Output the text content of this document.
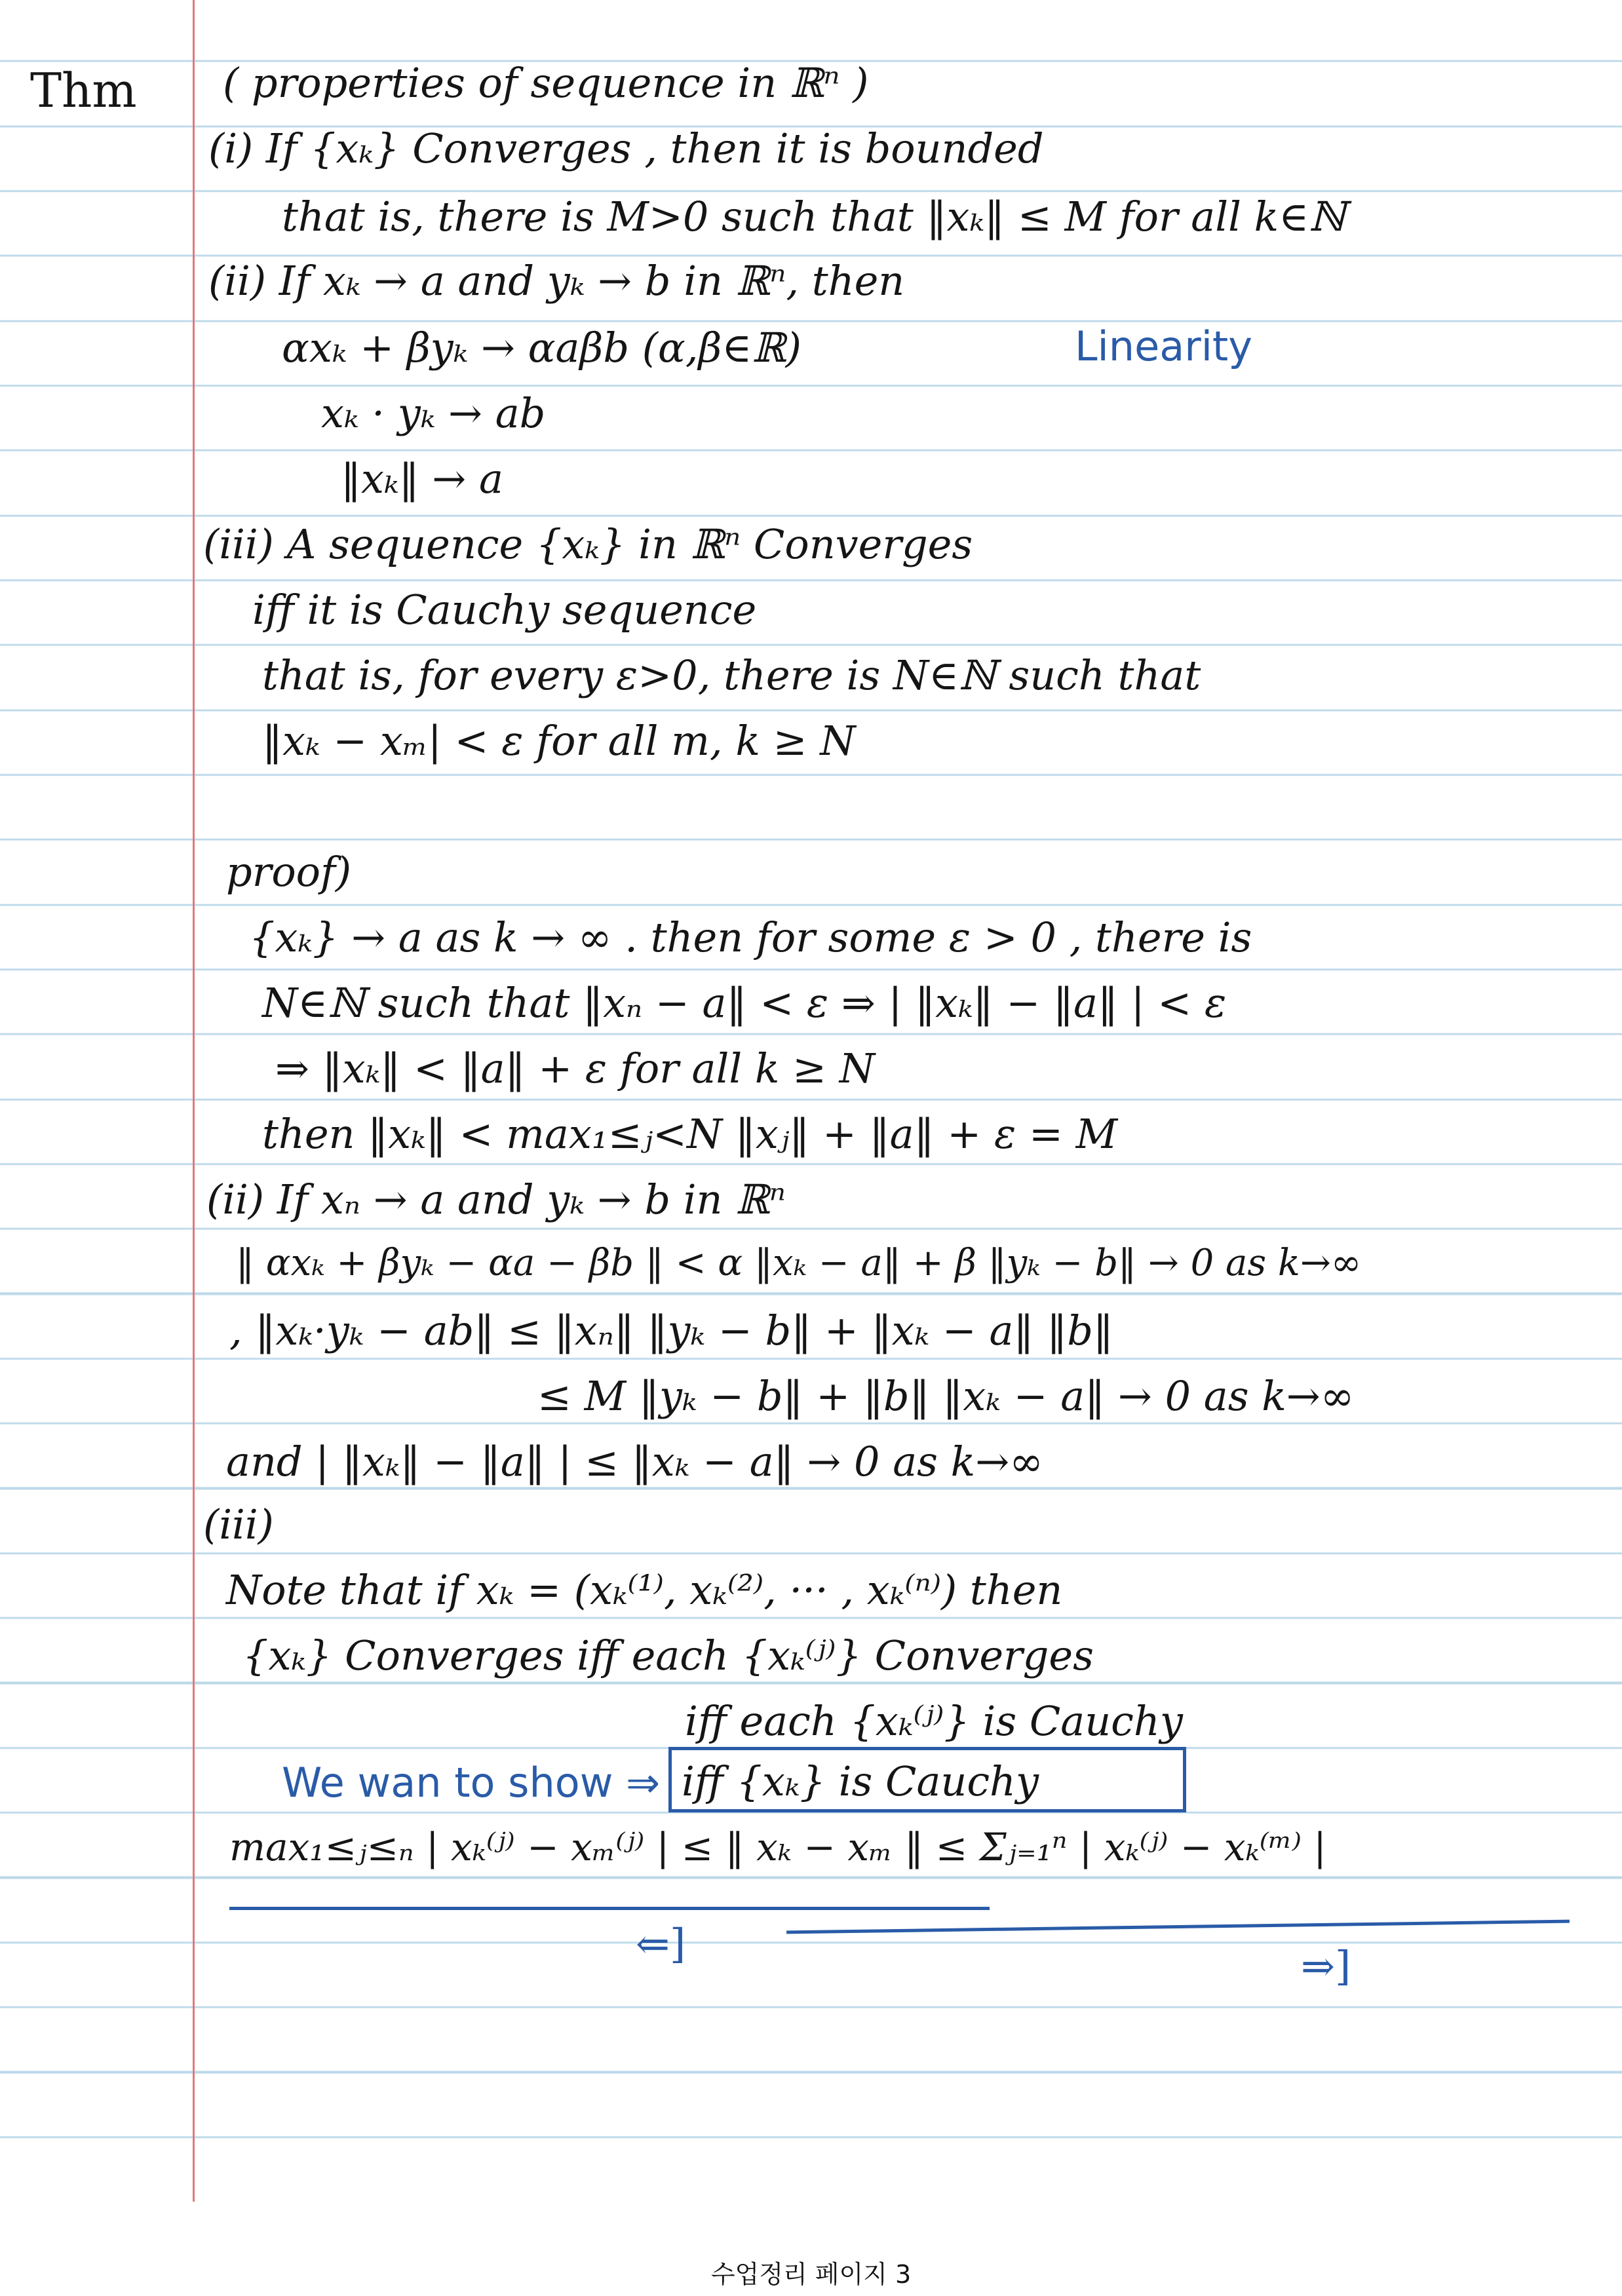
Thm ( properties of sequence in ℝⁿ )
(i) If {xₖ} Converges , then it is bounded
that is, there is M>0 such that ‖xₖ‖ ≤ M for all k∈ℕ
(ii) If xₖ → a and yₖ → b in ℝⁿ, then
αxₖ + βyₖ → αaβb (α,β∈ℝ)	Linearity
xₖ · yₖ → ab
‖xₖ‖ → a
(iii) A sequence {xₖ} in ℝⁿ Converges
iff it is Cauchy sequence
that is, for every ε>0, there is N∈ℕ such that
‖xₖ − xₘ| < ε for all m, k ≥ N
proof)
{xₖ} → a as k → ∞ . then for some ε > 0 , there is
N∈ℕ such that ‖xₙ − a‖ < ε ⇒ | ‖xₖ‖ − ‖a‖ | < ε
⇒ ‖xₖ‖ < ‖a‖ + ε for all k ≥ N
then ‖xₖ‖ < max₁≤ⱼ<N ‖xⱼ‖ + ‖a‖ + ε = M
(ii) If xₙ → a and yₖ → b in ℝⁿ
‖ αxₖ + βyₖ − αa − βb ‖ < α ‖xₖ − a‖ + β ‖yₖ − b‖ → 0 as k→∞
, ‖xₖ·yₖ − ab‖ ≤ ‖xₙ‖ ‖yₖ − b‖ + ‖xₖ − a‖ ‖b‖
≤ M ‖yₖ − b‖ + ‖b‖ ‖xₖ − a‖ → 0 as k→∞
and | ‖xₖ‖ − ‖a‖ | ≤ ‖xₖ − a‖ → 0 as k→∞
(iii)
Note that if xₖ = (xₖ⁽¹⁾, xₖ⁽²⁾, ··· , xₖ⁽ⁿ⁾) then
{xₖ} Converges iff each {xₖ⁽ʲ⁾} Converges
iff each {xₖ⁽ʲ⁾} is Cauchy
We wan to show ⇒ iff {xₖ} is Cauchy
max₁≤ⱼ≤ₙ | xₖ⁽ʲ⁾ − xₘ⁽ʲ⁾ | ≤ ‖ xₖ − xₘ ‖ ≤ Σⱼ₌₁ⁿ | xₖ⁽ʲ⁾ − xₖ⁽ᵐ⁾ |
⇐]	⇒]
수업정리 페이지 3
